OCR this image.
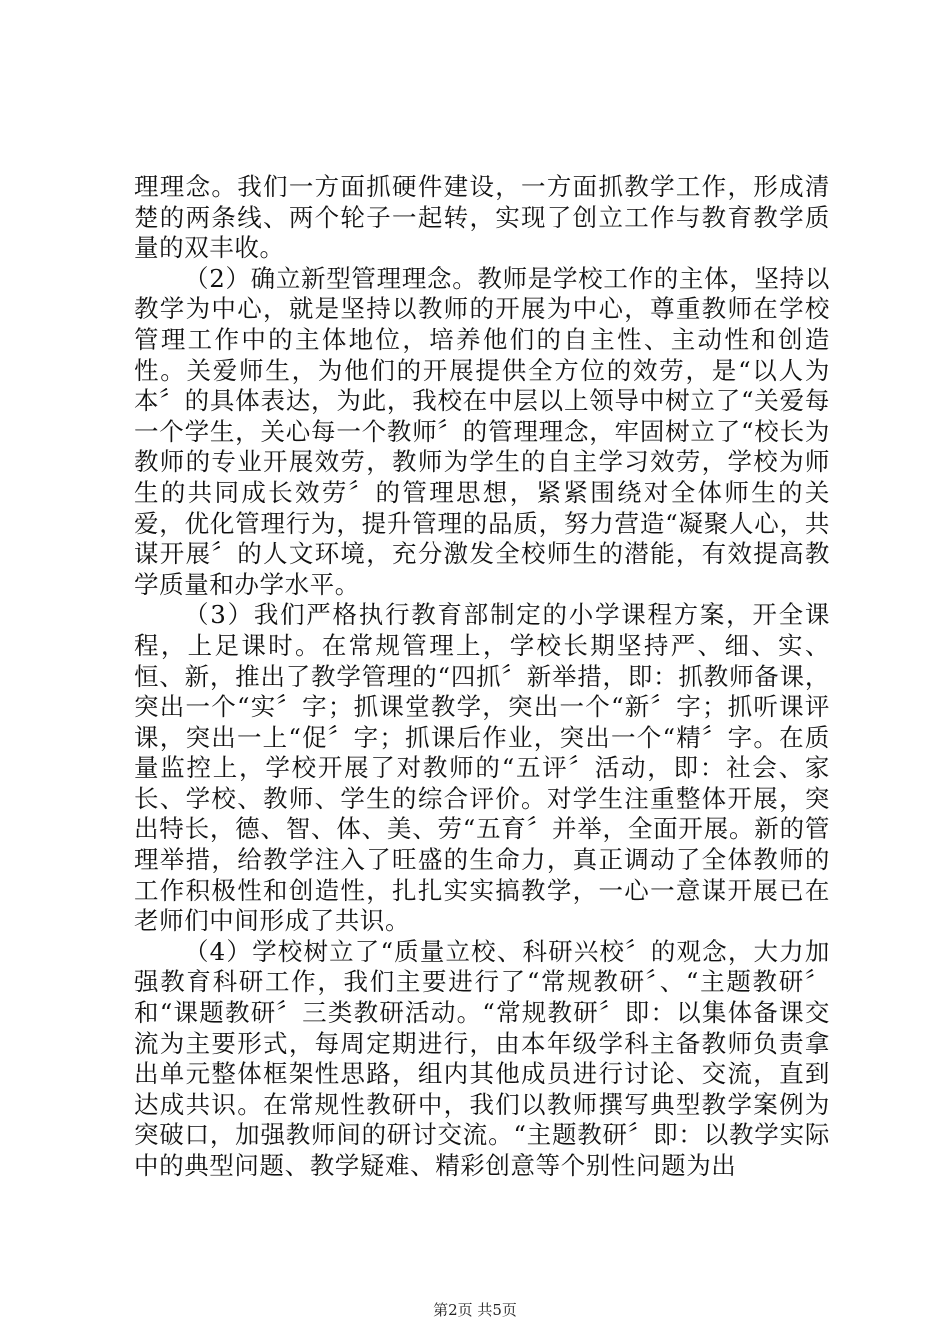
理理念。我们一方面抓硬件建设，一方面抓教学工作，形成清楚的两条线、两个轮子一起转，实现了创立工作与教育教学质量的双丰收。

（2）确立新型管理理念。教师是学校工作的主体，坚持以教学为中心，就是坚持以教师的开展为中心，尊重教师在学校管理工作中的主体地位，培养他们的自主性、主动性和创造性。关爱师生，为他们的开展提供全方位的效劳，是“以人为本〞的具体表达，为此，我校在中层以上领导中树立了“关爱每一个学生，关心每一个教师〞的管理理念，牢固树立了“校长为教师的专业开展效劳，教师为学生的自主学习效劳，学校为师生的共同成长效劳〞的管理思想，紧紧围绕对全体师生的关爱，优化管理行为，提升管理的品质，努力营造“凝聚人心，共谋开展〞的人文环境，充分激发全校师生的潜能，有效提高教学质量和办学水平。

（3）我们严格执行教育部制定的小学课程方案，开全课程，上足课时。在常规管理上，学校长期坚持严、细、实、恒、新，推出了教学管理的“四抓〞新举措，即：抓教师备课，突出一个“实〞字；抓课堂教学，突出一个“新〞字；抓听课评课，突出一上“促〞字；抓课后作业，突出一个“精〞字。在质量监控上，学校开展了对教师的“五评〞活动，即：社会、家长、学校、教师、学生的综合评价。对学生注重整体开展，突出特长，德、智、体、美、劳“五育〞并举，全面开展。新的管理举措，给教学注入了旺盛的生命力，真正调动了全体教师的工作积极性和创造性，扎扎实实搞教学，一心一意谋开展已在老师们中间形成了共识。

（4）学校树立了“质量立校、科研兴校〞的观念，大力加强教育科研工作，我们主要进行了“常规教研〞、“主题教研〞和“课题教研〞三类教研活动。“常规教研〞即：以集体备课交流为主要形式，每周定期进行，由本年级学科主备教师负责拿出单元整体框架性思路，组内其他成员进行讨论、交流，直到达成共识。在常规性教研中，我们以教师撰写典型教学案例为突破口，加强教师间的研讨交流。“主题教研〞即：以教学实际中的典型问题、教学疑难、精彩创意等个别性问题为出

第2页 共5页
